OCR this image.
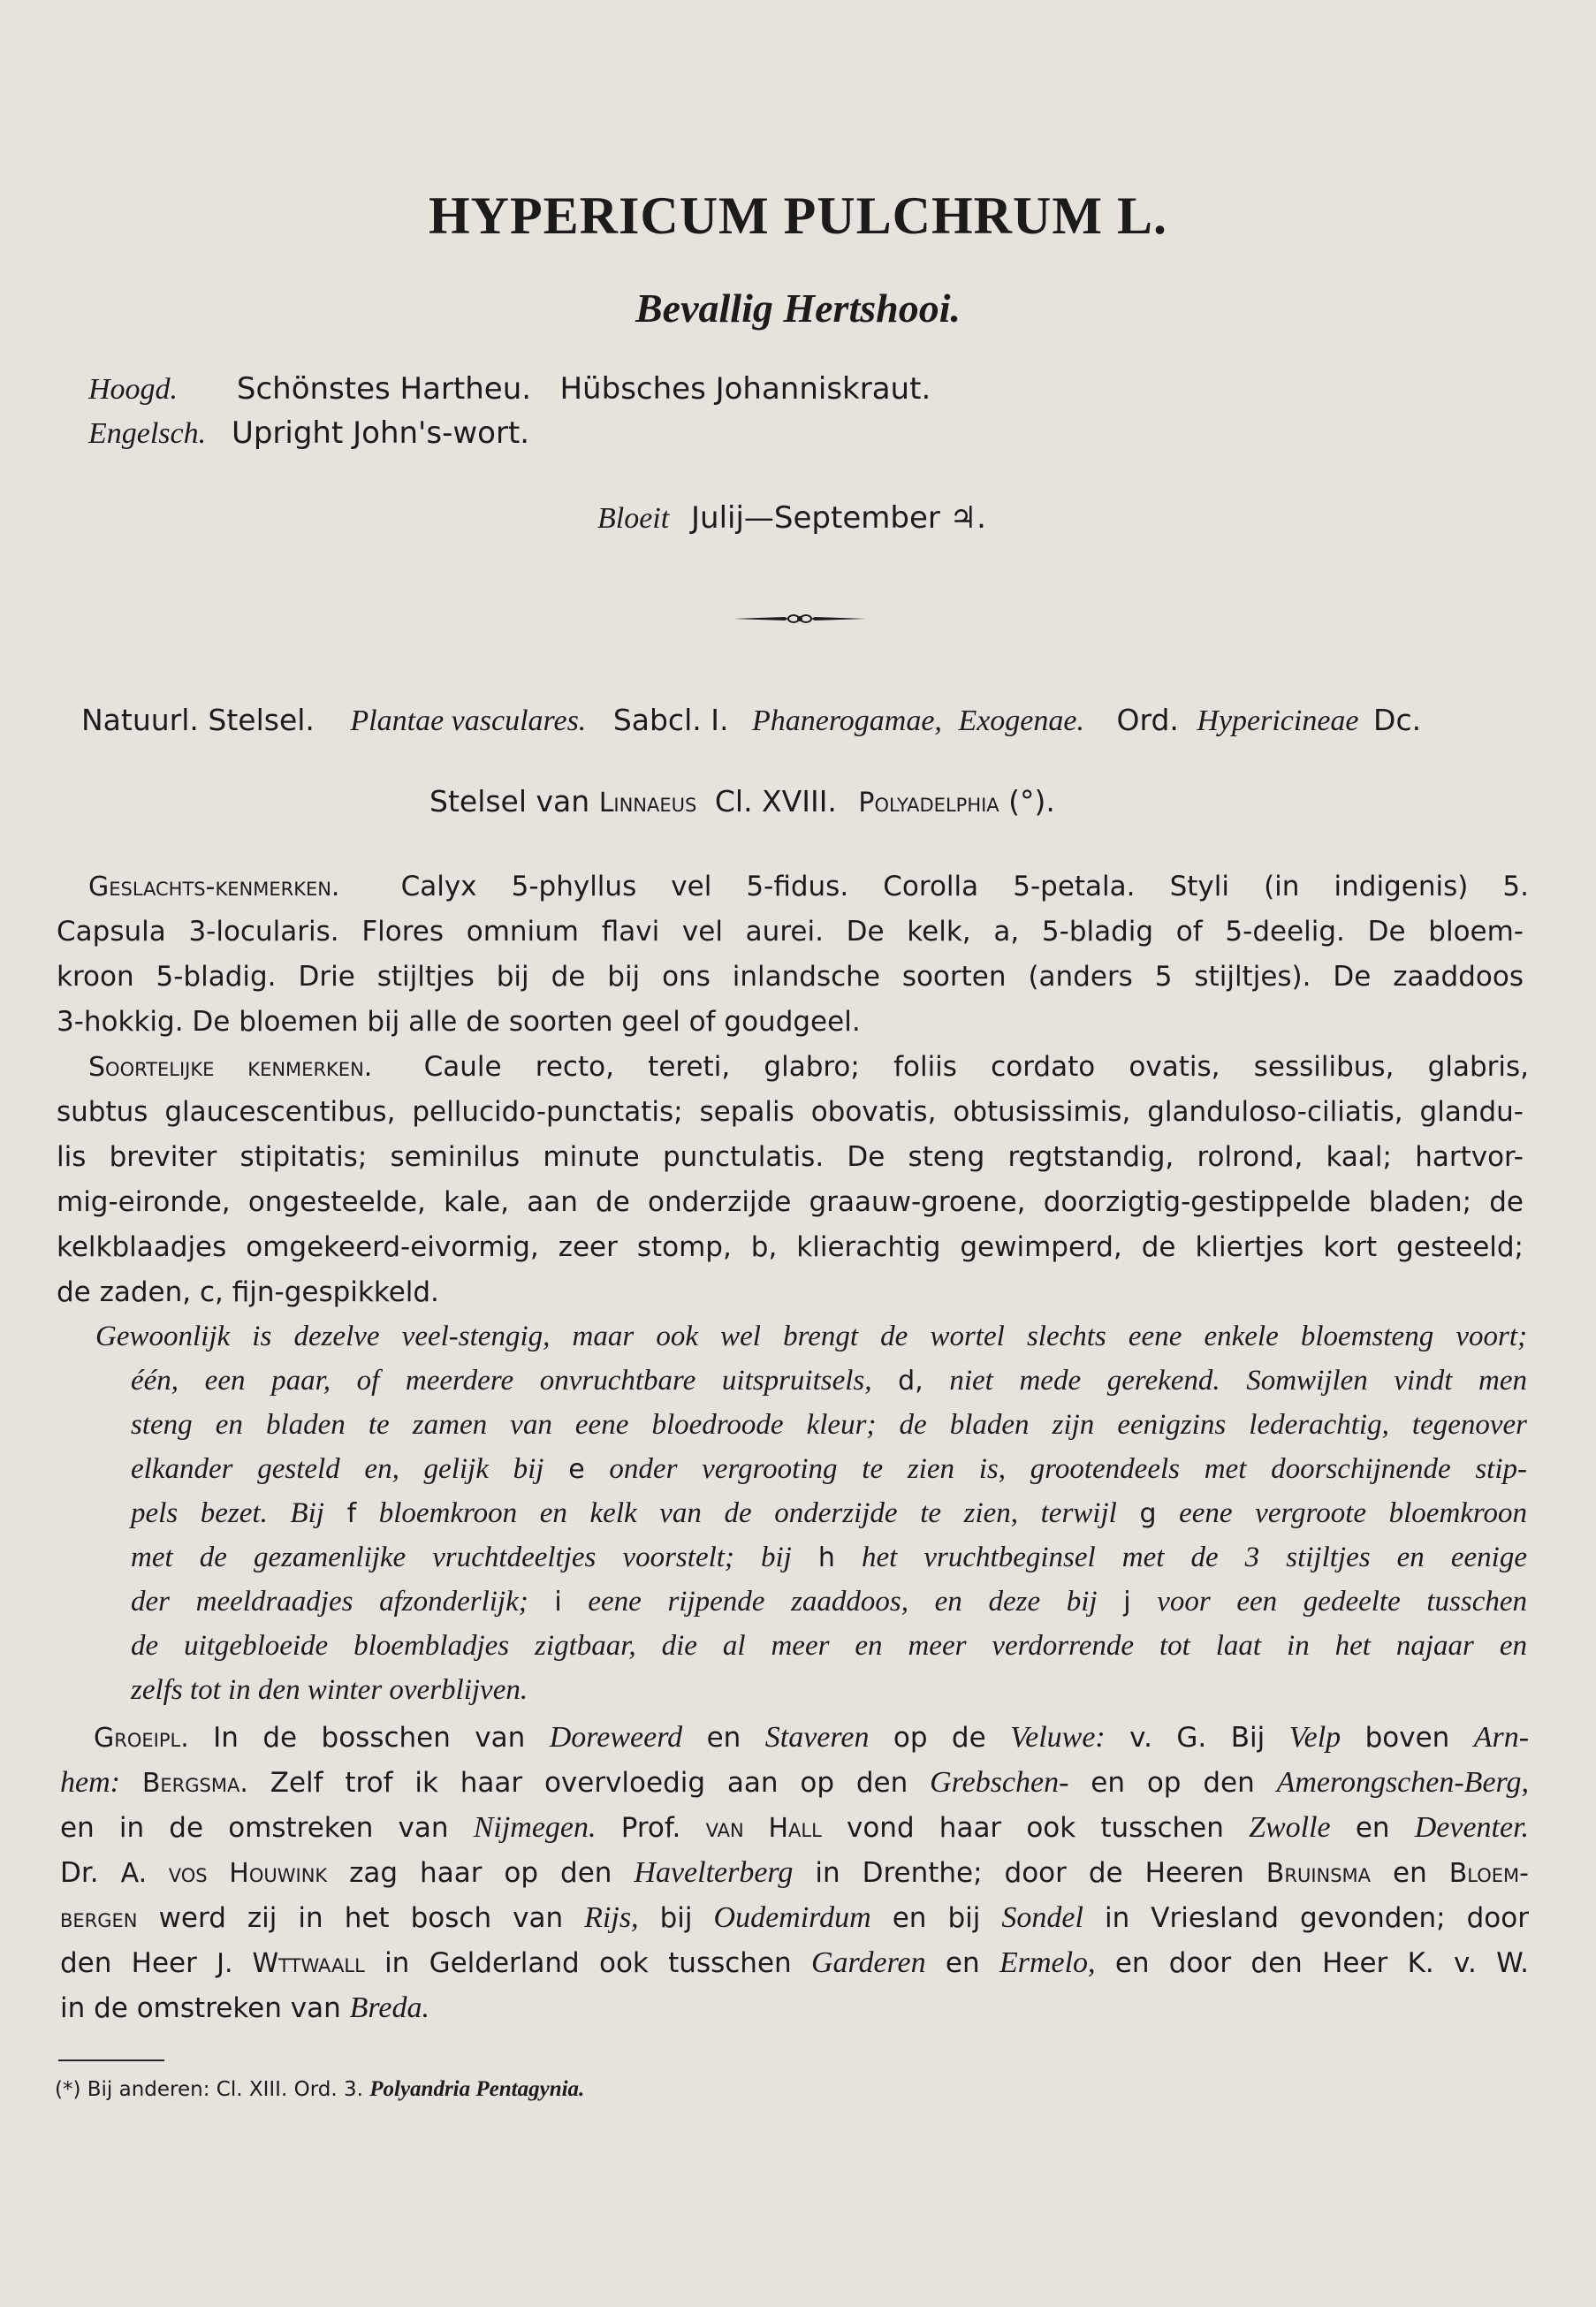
HYPERICUM PULCHRUM L.
Bevallig Hertshooi.
Hoogd. Schönstes Hartheu.   Hübsches Johanniskraut.
Engelsch. Upright John's-wort.
Bloeit Julij—September ♃.
Natuurl. Stelsel. Plantae vasculares. Sabcl. I. Phanerogamae, Exogenae. Ord. Hypericineae Dc.
Stelsel van Linnaeus Cl. XVIII. Polyadelphia (°).
Geslachts-kenmerken. Calyx 5-phyllus vel 5-fidus. Corolla 5-petala. Styli (in indigenis) 5.
Capsula 3-locularis. Flores omnium flavi vel aurei. De kelk, a, 5-bladig of 5-deelig. De bloem-
kroon 5-bladig. Drie stijltjes bij de bij ons inlandsche soorten (anders 5 stijltjes). De zaaddoos
3-hokkig. De bloemen bij alle de soorten geel of goudgeel.
Soortelijke kenmerken. Caule recto, tereti, glabro; foliis cordato ovatis, sessilibus, glabris,
subtus glaucescentibus, pellucido-punctatis; sepalis obovatis, obtusissimis, glanduloso-ciliatis, glandu-
lis breviter stipitatis; seminilus minute punctulatis. De steng regtstandig, rolrond, kaal; hartvor-
mig-eironde, ongesteelde, kale, aan de onderzijde graauw-groene, doorzigtig-gestippelde bladen; de
kelkblaadjes omgekeerd-eivormig, zeer stomp, b, klierachtig gewimperd, de kliertjes kort gesteeld;
de zaden, c, fijn-gespikkeld.
Gewoonlijk is dezelve veel-stengig, maar ook wel brengt de wortel slechts eene enkele bloemsteng voort;
één, een paar, of meerdere onvruchtbare uitspruitsels, d, niet mede gerekend. Somwijlen vindt men
steng en bladen te zamen van eene bloedroode kleur; de bladen zijn eenigzins lederachtig, tegenover
elkander gesteld en, gelijk bij e onder vergrooting te zien is, grootendeels met doorschijnende stip-
pels bezet. Bij f bloemkroon en kelk van de onderzijde te zien, terwijl g eene vergroote bloemkroon
met de gezamenlijke vruchtdeeltjes voorstelt; bij h het vruchtbeginsel met de 3 stijltjes en eenige
der meeldraadjes afzonderlijk; i eene rijpende zaaddoos, en deze bij j voor een gedeelte tusschen
de uitgebloeide bloembladjes zigtbaar, die al meer en meer verdorrende tot laat in het najaar en
zelfs tot in den winter overblijven.
Groeipl. In de bosschen van Doreweerd en Staveren op de Veluwe: v. G. Bij Velp boven Arn-
hem: Bergsma. Zelf trof ik haar overvloedig aan op den Grebschen- en op den Amerongschen-Berg,
en in de omstreken van Nijmegen. Prof. van Hall vond haar ook tusschen Zwolle en Deventer.
Dr. A. vos Houwink zag haar op den Havelterberg in Drenthe; door de Heeren Bruinsma en Bloem-
bergen werd zij in het bosch van Rijs, bij Oudemirdum en bij Sondel in Vriesland gevonden; door
den Heer J. Wttwaall in Gelderland ook tusschen Garderen en Ermelo, en door den Heer K. v. W.
in de omstreken van Breda.
(*) Bij anderen: Cl. XIII. Ord. 3. Polyandria Pentagynia.
